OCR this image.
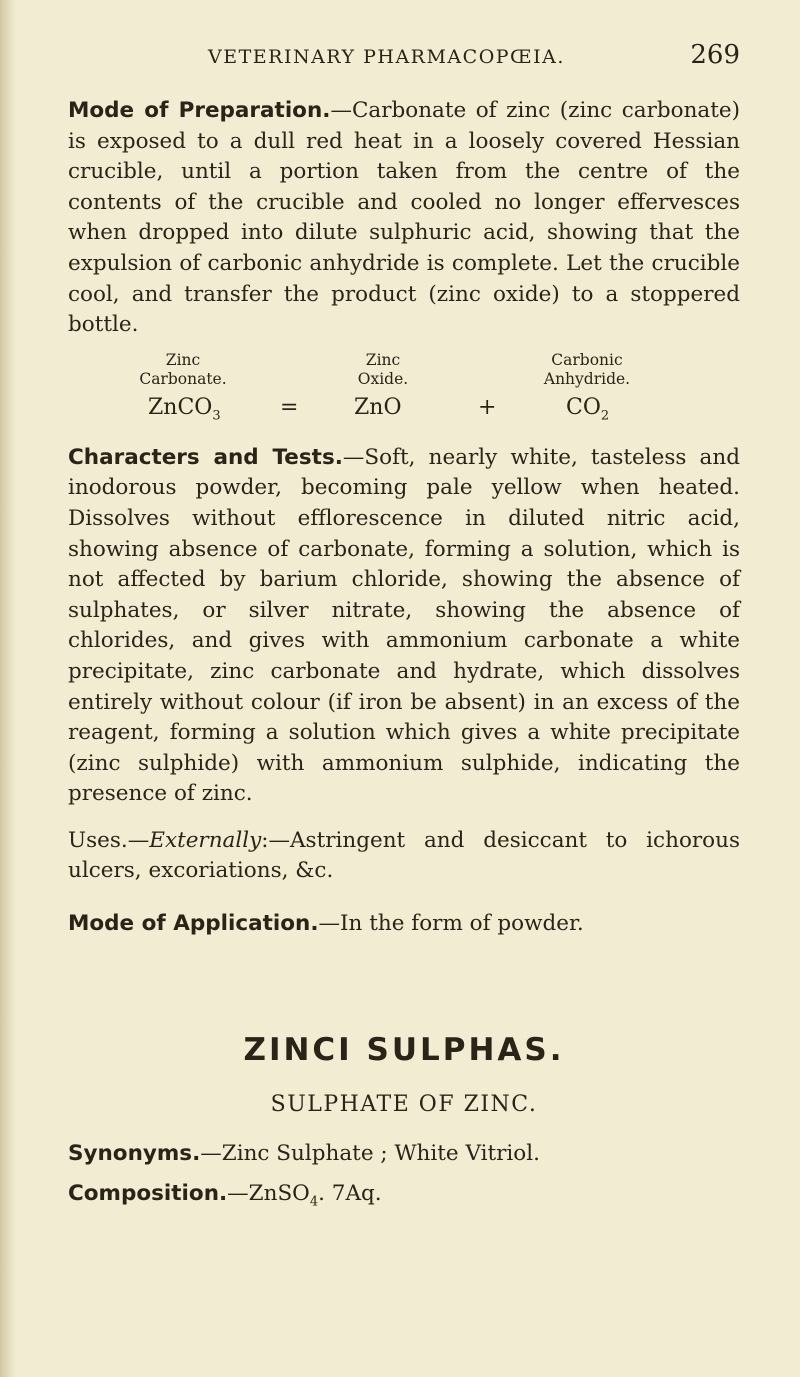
VETERINARY PHARMACOPŒIA.	269

Mode of Preparation.—Carbonate of zinc (zinc carbonate) is exposed to a dull red heat in a loosely covered Hessian crucible, until a portion taken from the centre of the contents of the crucible and cooled no longer effervesces when dropped into dilute sulphuric acid, showing that the expulsion of carbonic anhydride is complete. Let the crucible cool, and transfer the product (zinc oxide) to a stoppered bottle.

Zinc
Carbonate.
Zinc
Oxide.
Carbonic
Anhydride.
ZnCO$_3$	=	ZnO	+	$CO_2$

Characters and Tests.—Soft, nearly white, tasteless and inodorous powder, becoming pale yellow when heated. Dissolves without efflorescence in diluted nitric acid, showing absence of carbonate, forming a solution, which is not affected by barium chloride, showing the absence of sulphates, or silver nitrate, showing the absence of chlorides, and gives with ammonium carbonate a white precipitate, zinc carbonate and hydrate, which dissolves entirely without colour (if iron be absent) in an excess of the reagent, forming a solution which gives a white precipitate (zinc sulphide) with ammonium sulphide, indicating the presence of zinc.

Uses.—Externally:—Astringent and desiccant to ichorous ulcers, excoriations, &c.

Mode of Application.—In the form of powder.

ZINCI SULPHAS.
SULPHATE OF ZINC.

Synonyms.—Zinc Sulphate ; White Vitriol.

Composition.—ZnSO$_4$. 7Aq.
